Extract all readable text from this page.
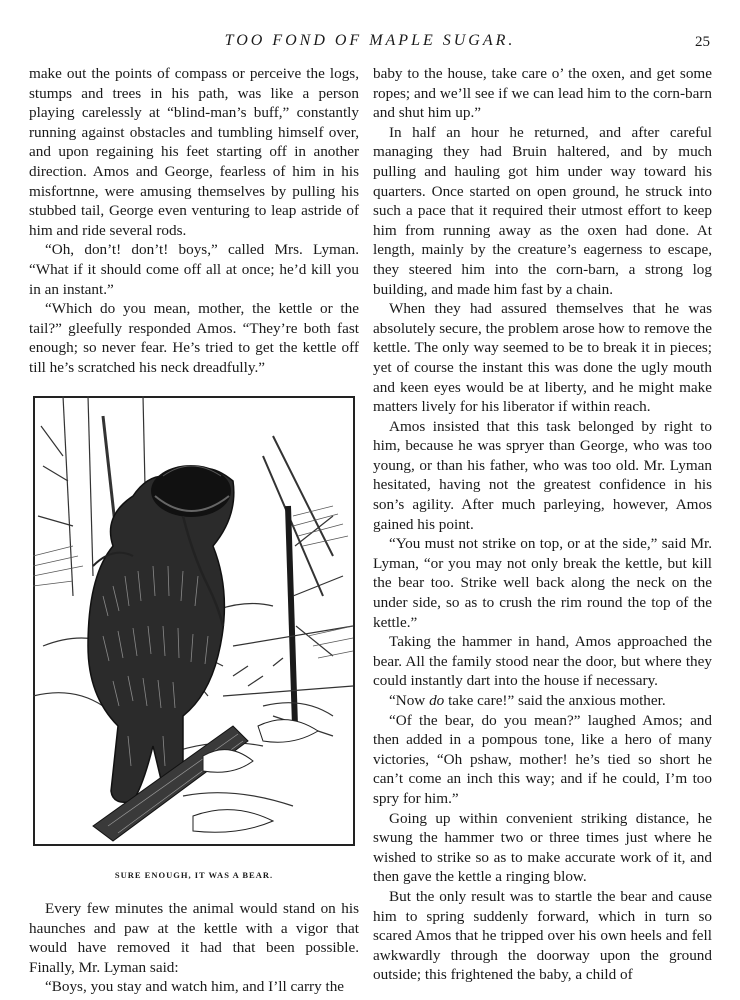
TOO FOND OF MAPLE SUGAR.	25

make out the points of compass or perceive the logs, stumps and trees in his path, was like a person playing carelessly at “blind-man’s buff,” constantly running against obstacles and tumbling himself over, and upon regaining his feet starting off in another direction. Amos and George, fearless of him in his misfortnne, were amusing themselves by pulling his stubbed tail, George even venturing to leap astride of him and ride several rods.

“Oh, don’t! don’t! boys,” called Mrs. Lyman. “What if it should come off all at once; he’d kill you in an instant.”

“Which do you mean, mother, the kettle or the tail?” gleefully responded Amos. “They’re both fast enough; so never fear. He’s tried to get the kettle off till he’s scratched his neck dreadfully.”

SURE ENOUGH, IT WAS A BEAR.

Every few minutes the animal would stand on his haunches and paw at the kettle with a vigor that would have removed it had that been possible. Finally, Mr. Lyman said:

“Boys, you stay and watch him, and I’ll carry the

baby to the house, take care o’ the oxen, and get some ropes; and we’ll see if we can lead him to the corn-barn and shut him up.”

In half an hour he returned, and after careful managing they had Bruin haltered, and by much pulling and hauling got him under way toward his quarters. Once started on open ground, he struck into such a pace that it required their utmost effort to keep him from running away as the oxen had done. At length, mainly by the creature’s eagerness to escape, they steered him into the corn-barn, a strong log building, and made him fast by a chain.

When they had assured themselves that he was absolutely secure, the problem arose how to remove the kettle. The only way seemed to be to break it in pieces; yet of course the instant this was done the ugly mouth and keen eyes would be at liberty, and he might make matters lively for his liberator if within reach.

Amos insisted that this task belonged by right to him, because he was spryer than George, who was too young, or than his father, who was too old. Mr. Lyman hesitated, having not the greatest confidence in his son’s agility. After much parleying, however, Amos gained his point.

“You must not strike on top, or at the side,” said Mr. Lyman, “or you may not only break the kettle, but kill the bear too. Strike well back along the neck on the under side, so as to crush the rim round the top of the kettle.”

Taking the hammer in hand, Amos approached the bear. All the family stood near the door, but where they could instantly dart into the house if necessary.

“Now do take care!” said the anxious mother.

“Of the bear, do you mean?” laughed Amos; and then added in a pompous tone, like a hero of many victories, “Oh pshaw, mother! he’s tied so short he can’t come an inch this way; and if he could, I’m too spry for him.”

Going up within convenient striking distance, he swung the hammer two or three times just where he wished to strike so as to make accurate work of it, and then gave the kettle a ringing blow.

But the only result was to startle the bear and cause him to spring suddenly forward, which in turn so scared Amos that he tripped over his own heels and fell awkwardly through the doorway upon the ground outside; this frightened the baby, a child of
